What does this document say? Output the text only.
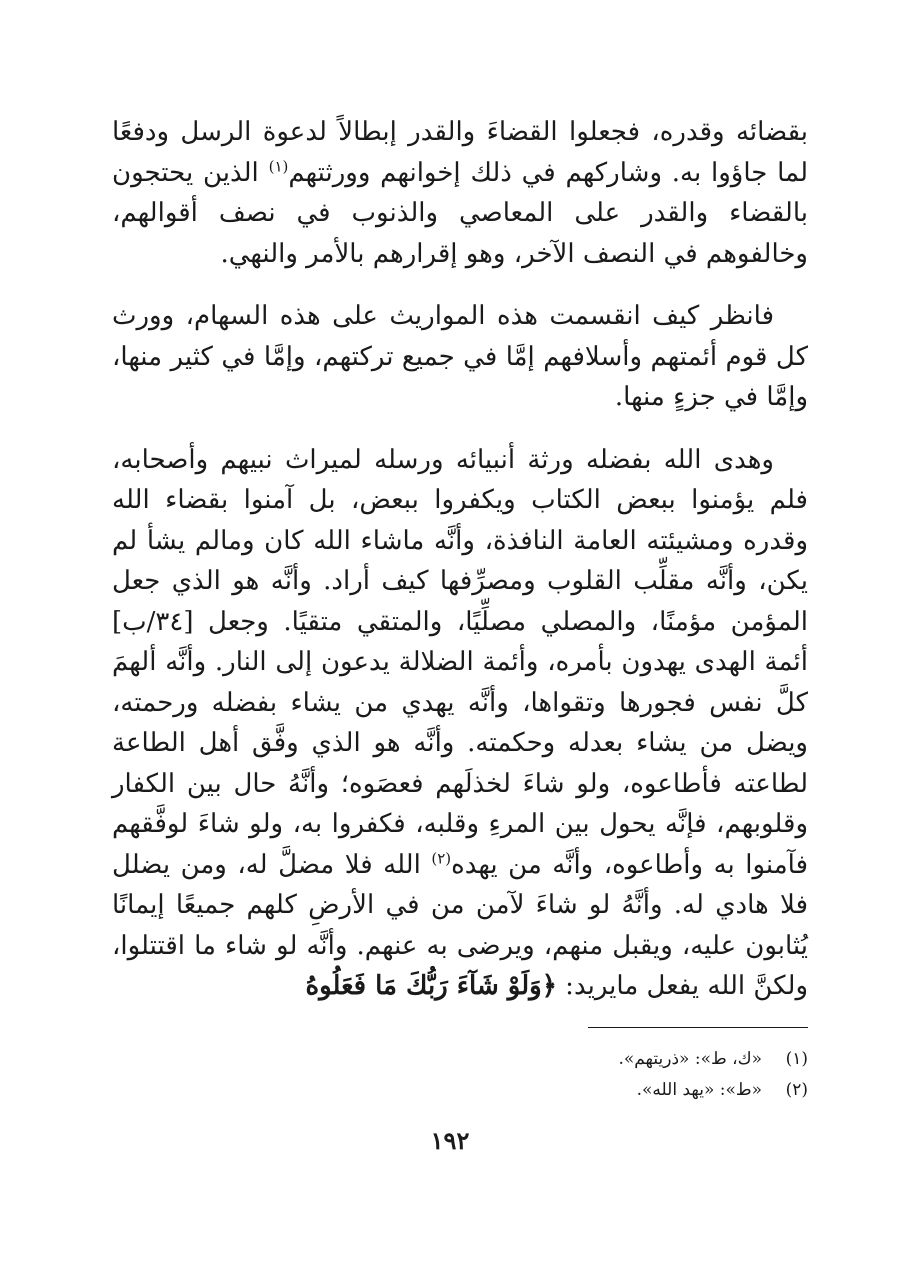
بقضائه وقدره، فجعلوا القضاءَ والقدر إبطالاً لدعوة الرسل ودفعًا لما جاؤوا به. وشاركهم في ذلك إخوانهم وورثتهم$^{(١)}$ الذين يحتجون بالقضاء والقدر على المعاصي والذنوب في نصف أقوالهم، وخالفوهم في النصف الآخر، وهو إقرارهم بالأمر والنهي.

فانظر كيف انقسمت هذه المواريث على هذه السهام، وورث كل قوم أئمتهم وأسلافهم إمَّا في جميع تركتهم، وإمَّا في كثير منها، وإمَّا في جزءٍ منها.

وهدى الله بفضله ورثة أنبيائه ورسله لميراث نبيهم وأصحابه، فلم يؤمنوا ببعض الكتاب ويكفروا ببعض، بل آمنوا بقضاء الله وقدره ومشيئته العامة النافذة، وأنَّه ماشاء الله كان ومالم يشأ لم يكن، وأنَّه مقلِّب القلوب ومصرِّفها كيف أراد. وأنَّه هو الذي جعل المؤمن مؤمنًا، والمصلي مصلِّيًا، والمتقي متقيًا. وجعل [٣٤/ب] أئمة الهدى يهدون بأمره، وأئمة الضلالة يدعون إلى النار. وأنَّه ألهمَ كلَّ نفس فجورها وتقواها، وأنَّه يهدي من يشاء بفضله ورحمته، ويضل من يشاء بعدله وحكمته. وأنَّه هو الذي وفَّق أهل الطاعة لطاعته فأطاعوه، ولو شاءَ لخذلَهم فعصَوه؛ وأنَّهُ حال بين الكفار وقلوبهم، فإنَّه يحول بين المرءِ وقلبه، فكفروا به، ولو شاءَ لوفَّقهم فآمنوا به وأطاعوه، وأنَّه من يهده$^{(٢)}$ الله فلا مضلَّ له، ومن يضلل فلا هادي له. وأنَّهُ لو شاءَ لآمن من في الأرضِ كلهم جميعًا إيمانًا يُثابون عليه، ويقبل منهم، ويرضى به عنهم. وأنَّه لو شاء ما اقتتلوا، ولكنَّ الله يفعل مايريد: ﴿وَلَوْ شَآءَ رَبُّكَ مَا فَعَلُوهُ

(١)
«ك، ط»: «ذريتهم».
(٢)
«ط»: «يهد الله».
١٩٢
